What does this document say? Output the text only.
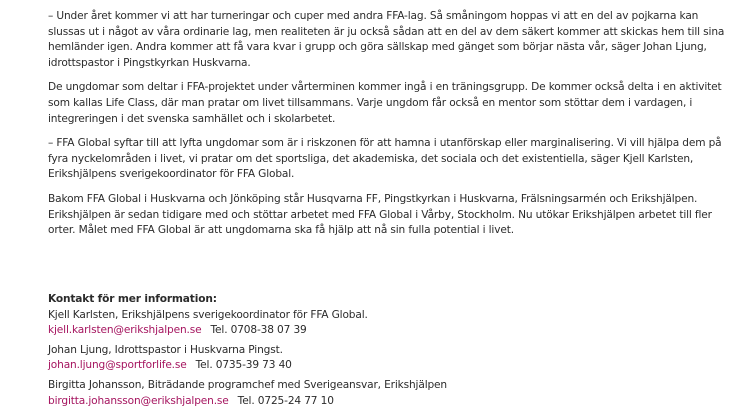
– Under året kommer vi att har turneringar och cuper med andra FFA-lag. Så småningom hoppas vi att en del av pojkarna kan slussas ut i något av våra ordinarie lag, men realiteten är ju också sådan att en del av dem säkert kommer att skickas hem till sina hemländer igen. Andra kommer att få vara kvar i grupp och göra sällskap med gänget som börjar nästa vår, säger Johan Ljung, idrottspastor i Pingstkyrkan Huskvarna.

De ungdomar som deltar i FFA-projektet under vårterminen kommer ingå i en träningsgrupp. De kommer också delta i en aktivitet som kallas Life Class, där man pratar om livet tillsammans. Varje ungdom får också en mentor som stöttar dem i vardagen, i integreringen i det svenska samhället och i skolarbetet.

– FFA Global syftar till att lyfta ungdomar som är i riskzonen för att hamna i utanförskap eller marginalisering. Vi vill hjälpa dem på fyra nyckelområden i livet, vi pratar om det sportsliga, det akademiska, det sociala och det existentiella, säger Kjell Karlsten, Erikshjälpens sverigekoordinator för FFA Global.

Bakom FFA Global i Huskvarna och Jönköping står Husqvarna FF, Pingstkyrkan i Huskvarna, Frälsningsarmén och Erikshjälpen. Erikshjälpen är sedan tidigare med och stöttar arbetet med FFA Global i Vårby, Stockholm. Nu utökar Erikshjälpen arbetet till fler orter. Målet med FFA Global är att ungdomarna ska få hjälp att nå sin fulla potential i livet.

Kontakt för mer information:

Kjell Karlsten, Erikshjälpens sverigekoordinator för FFA Global.
kjell.karlsten@erikshjalpen.se Tel. 0708-38 07 39
Johan Ljung, Idrottspastor i Huskvarna Pingst.
johan.ljung@sportforlife.se Tel. 0735-39 73 40
Birgitta Johansson, Biträdande programchef med Sverigeansvar, Erikshjälpen
birgitta.johansson@erikshjalpen.se Tel. 0725-24 77 10
